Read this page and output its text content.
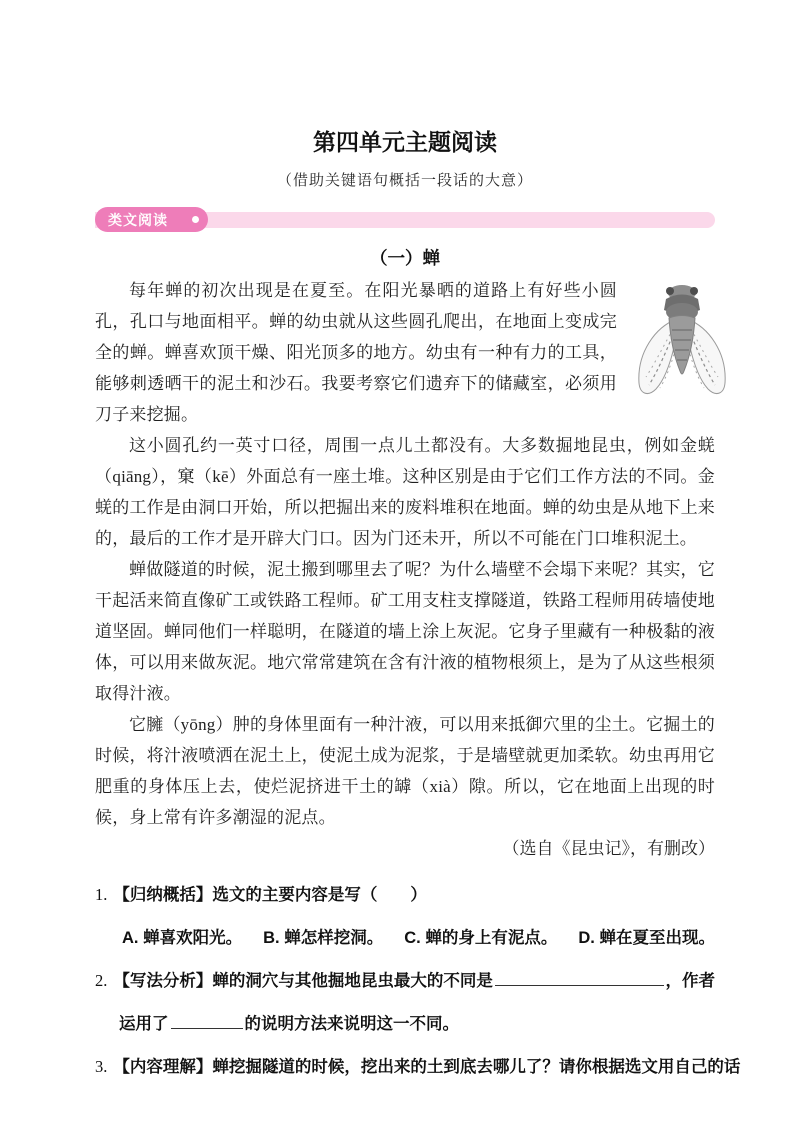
第四单元主题阅读
（借助关键语句概括一段话的大意）
类文阅读
（一）蝉

每年蝉的初次出现是在夏至。在阳光暴晒的道路上有好些小圆孔，孔口与地面相平。蝉的幼虫就从这些圆孔爬出，在地面上变成完全的蝉。蝉喜欢顶干燥、阳光顶多的地方。幼虫有一种有力的工具，能够刺透晒干的泥土和沙石。我要考察它们遗弃下的储藏室，必须用刀子来挖掘。

这小圆孔约一英寸口径，周围一点儿土都没有。大多数掘地昆虫，例如金蜣（qiāng），窠（kē）外面总有一座土堆。这种区别是由于它们工作方法的不同。金蜣的工作是由洞口开始，所以把掘出来的废料堆积在地面。蝉的幼虫是从地下上来的，最后的工作才是开辟大门口。因为门还未开，所以不可能在门口堆积泥土。

蝉做隧道的时候，泥土搬到哪里去了呢？为什么墙壁不会塌下来呢？其实，它干起活来简直像矿工或铁路工程师。矿工用支柱支撑隧道，铁路工程师用砖墙使地道坚固。蝉同他们一样聪明，在隧道的墙上涂上灰泥。它身子里藏有一种极黏的液体，可以用来做灰泥。地穴常常建筑在含有汁液的植物根须上，是为了从这些根须取得汁液。

它臃（yōng）肿的身体里面有一种汁液，可以用来抵御穴里的尘土。它掘土的时候，将汁液喷洒在泥土上，使泥土成为泥浆，于是墙壁就更加柔软。幼虫再用它肥重的身体压上去，使烂泥挤进干土的罅（xià）隙。所以，它在地面上出现的时候，身上常有许多潮湿的泥点。

（选自《昆虫记》，有删改）
1. 【归纳概括】 选文的主要内容是写（　　）
A. 蝉喜欢阳光。 B. 蝉怎样挖洞。 C. 蝉的身上有泥点。 D. 蝉在夏至出现。
2. 【写法分析】 蝉的洞穴与其他掘地昆虫最大的不同是	，作者
运用了	的说明方法来说明这一不同。
3. 【内容理解】 蝉挖掘隧道的时候，挖出来的土到底去哪儿了？请你根据选文用自己的话
